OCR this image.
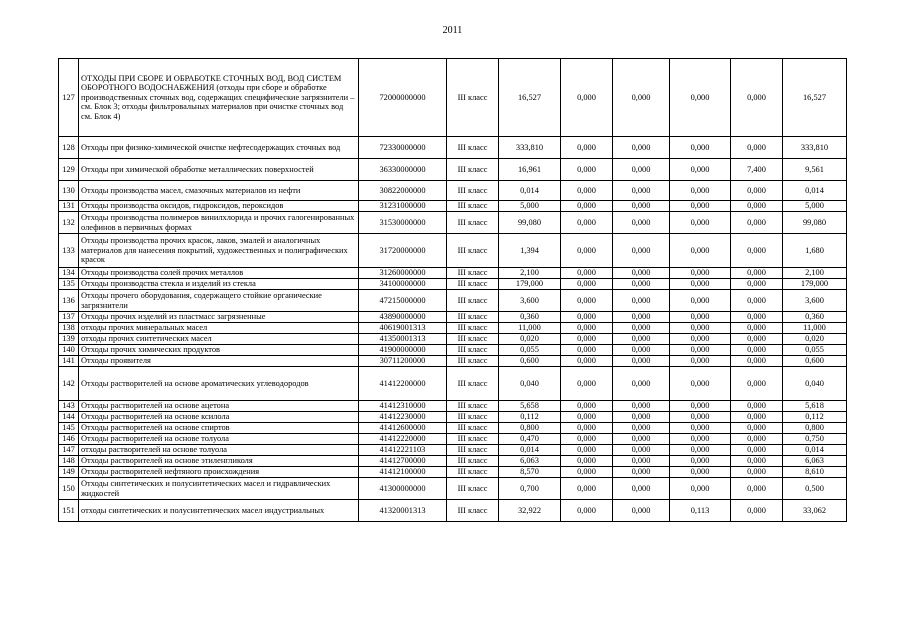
2011
127	ОТХОДЫ ПРИ СБОРЕ И ОБРАБОТКЕ СТОЧНЫХ ВОД, ВОД СИСТЕМ ОБОРОТНОГО ВОДОСНАБЖЕНИЯ (отходы при сборе и обработке производственных сточных вод, содержащих специфические загрязнители – см. Блок 3; отходы фильтровальных материалов при очистке сточных вод см. Блок 4)	72000000000	III класс	16,527	0,000	0,000	0,000	0,000	16,527
128	Отходы при физико-химической очистке нефтесодержащих сточных вод	72330000000	III класс	333,810	0,000	0,000	0,000	0,000	333,810
129	Отходы при химической обработке металлических поверхностей	36330000000	III класс	16,961	0,000	0,000	0,000	7,400	9,561
130	Отходы производства масел, смазочных материалов из нефти	30822000000	III класс	0,014	0,000	0,000	0,000	0,000	0,014
131	Отходы производства оксидов, гидроксидов, пероксидов	31231000000	III класс	5,000	0,000	0,000	0,000	0,000	5,000
132	Отходы производства полимеров винилхлорида и прочих галогенированных олефинов в первичных формах	31530000000	III класс	99,080	0,000	0,000	0,000	0,000	99,080
133	Отходы производства прочих красок, лаков, эмалей и аналогичных материалов для нанесения покрытий, художественных и полиграфических красок	31720000000	III класс	1,394	0,000	0,000	0,000	0,000	1,680
134	Отходы производства солей прочих металлов	31260000000	III класс	2,100	0,000	0,000	0,000	0,000	2,100
135	Отходы производства стекла и изделий из стекла	34100000000	III класс	179,000	0,000	0,000	0,000	0,000	179,000
136	Отходы прочего оборудования, содержащего стойкие органические загрязнители	47215000000	III класс	3,600	0,000	0,000	0,000	0,000	3,600
137	Отходы прочих изделий из пластмасс загрязненные	43890000000	III класс	0,360	0,000	0,000	0,000	0,000	0,360
138	отходы прочих минеральных масел	40619001313	III класс	11,000	0,000	0,000	0,000	0,000	11,000
139	отходы прочих синтетических масел	41350001313	III класс	0,020	0,000	0,000	0,000	0,000	0,020
140	Отходы прочих химических продуктов	41900000000	III класс	0,055	0,000	0,000	0,000	0,000	0,055
141	Отходы проявителя	30711200000	III класс	0,600	0,000	0,000	0,000	0,000	0,600
142	Отходы растворителей на основе ароматических углеводородов	41412200000	III класс	0,040	0,000	0,000	0,000	0,000	0,040
143	Отходы растворителей на основе ацетона	41412310000	III класс	5,658	0,000	0,000	0,000	0,000	5,618
144	Отходы растворителей на основе ксилола	41412230000	III класс	0,112	0,000	0,000	0,000	0,000	0,112
145	Отходы растворителей на основе спиртов	41412600000	III класс	0,800	0,000	0,000	0,000	0,000	0,800
146	Отходы растворителей на основе толуола	41412220000	III класс	0,470	0,000	0,000	0,000	0,000	0,750
147	отходы растворителей на основе толуола	41412221103	III класс	0,014	0,000	0,000	0,000	0,000	0,014
148	Отходы растворителей на основе этиленгликоля	41412700000	III класс	6,063	0,000	0,000	0,000	0,000	6,063
149	Отходы растворителей нефтяного происхождения	41412100000	III класс	8,570	0,000	0,000	0,000	0,000	8,610
150	Отходы синтетических и полусинтетических масел и гидравлических жидкостей	41300000000	III класс	0,700	0,000	0,000	0,000	0,000	0,500
151	отходы синтетических и полусинтетических масел индустриальных	41320001313	III класс	32,922	0,000	0,000	0,113	0,000	33,062
